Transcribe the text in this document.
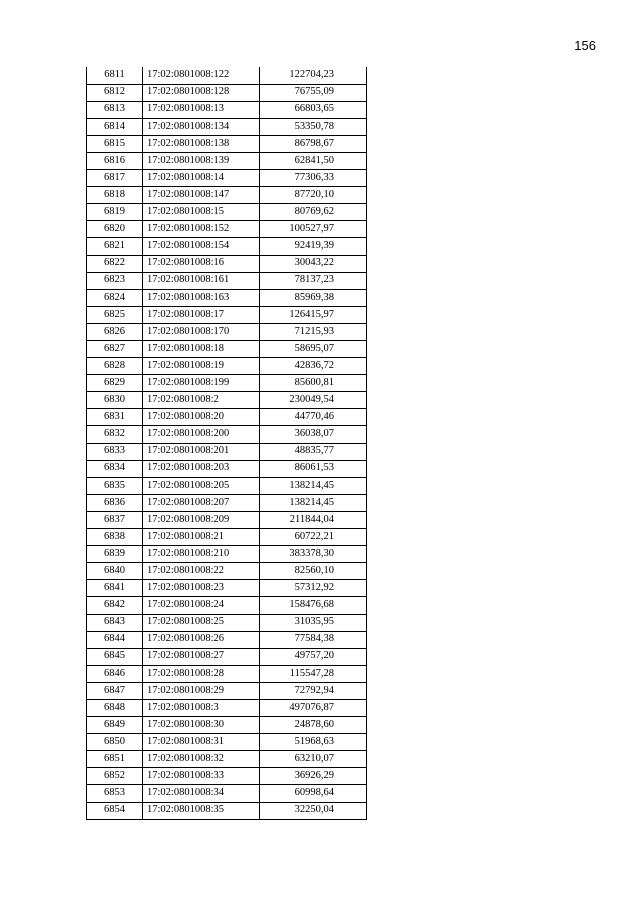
156
6811	17:02:0801008:122	122704,23
6812	17:02:0801008:128	76755,09
6813	17:02:0801008:13	66803,65
6814	17:02:0801008:134	53350,78
6815	17:02:0801008:138	86798,67
6816	17:02:0801008:139	62841,50
6817	17:02:0801008:14	77306,33
6818	17:02:0801008:147	87720,10
6819	17:02:0801008:15	80769,62
6820	17:02:0801008:152	100527,97
6821	17:02:0801008:154	92419,39
6822	17:02:0801008:16	30043,22
6823	17:02:0801008:161	78137,23
6824	17:02:0801008:163	85969,38
6825	17:02:0801008:17	126415,97
6826	17:02:0801008:170	71215,93
6827	17:02:0801008:18	58695,07
6828	17:02:0801008:19	42836,72
6829	17:02:0801008:199	85600,81
6830	17:02:0801008:2	230049,54
6831	17:02:0801008:20	44770,46
6832	17:02:0801008:200	36038,07
6833	17:02:0801008:201	48835,77
6834	17:02:0801008:203	86061,53
6835	17:02:0801008:205	138214,45
6836	17:02:0801008:207	138214,45
6837	17:02:0801008:209	211844,04
6838	17:02:0801008:21	60722,21
6839	17:02:0801008:210	383378,30
6840	17:02:0801008:22	82560,10
6841	17:02:0801008:23	57312,92
6842	17:02:0801008:24	158476,68
6843	17:02:0801008:25	31035,95
6844	17:02:0801008:26	77584,38
6845	17:02:0801008:27	49757,20
6846	17:02:0801008:28	115547,28
6847	17:02:0801008:29	72792,94
6848	17:02:0801008:3	497076,87
6849	17:02:0801008:30	24878,60
6850	17:02:0801008:31	51968,63
6851	17:02:0801008:32	63210,07
6852	17:02:0801008:33	36926,29
6853	17:02:0801008:34	60998,64
6854	17:02:0801008:35	32250,04
